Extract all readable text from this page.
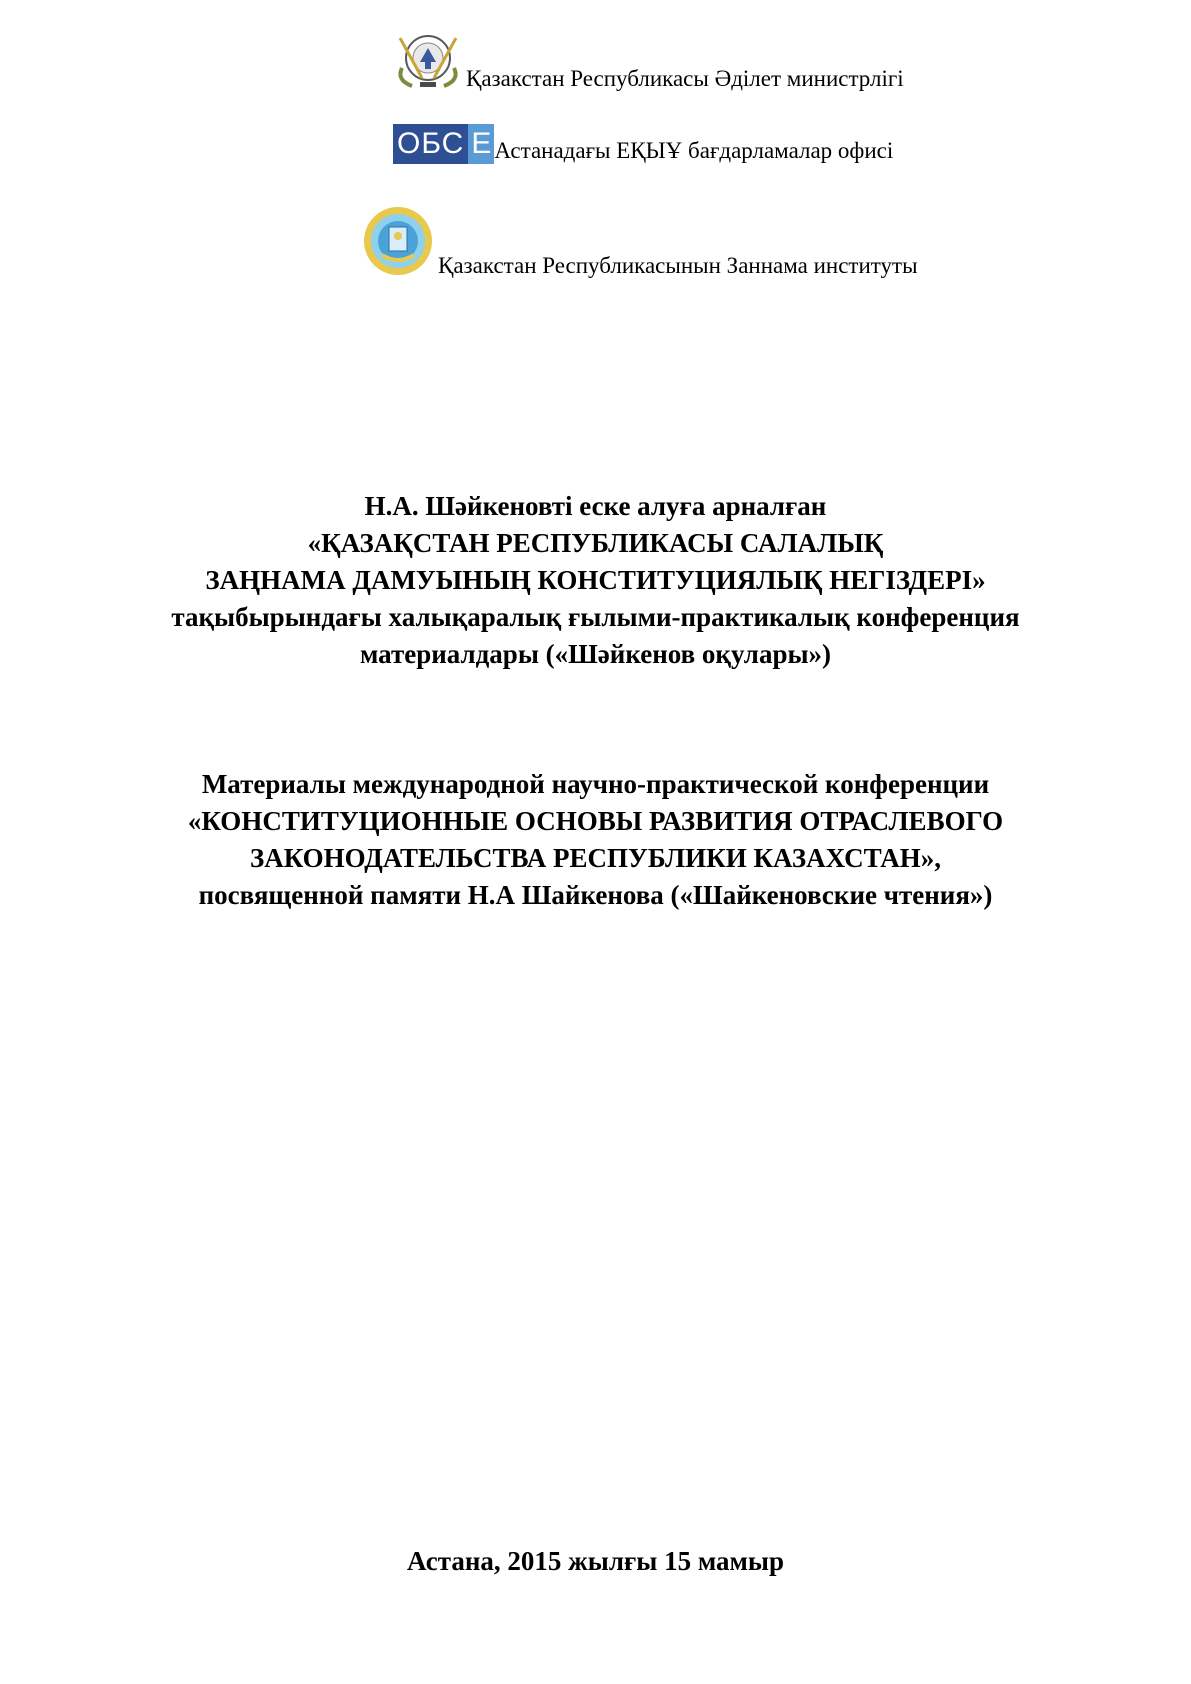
Қазакстан Республикасы Әділет министрлігі
ОБС Е Астанадағы ЕҚЫҰ бағдарламалар офисі
Қазакстан Республикасынын Заннама институты
Н.А. Шәйкеновті еске алуға арналған
«ҚАЗАҚСТАН РЕСПУБЛИКАСЫ САЛАЛЫҚ
ЗАҢНАМА ДАМУЫНЫҢ КОНСТИТУЦИЯЛЫҚ НЕГІЗДЕРІ»
тақыбырындағы халықаралық ғылыми-практикалық конференция
материалдары («Шәйкенов оқулары»)
Материалы международной научно-практической конференции
«КОНСТИТУЦИОННЫЕ ОСНОВЫ РАЗВИТИЯ ОТРАСЛЕВОГО
ЗАКОНОДАТЕЛЬСТВА РЕСПУБЛИКИ КАЗАХСТАН»,
посвященной памяти Н.А Шайкенова («Шайкеновские чтения»)
Астана, 2015 жылғы 15 мамыр
